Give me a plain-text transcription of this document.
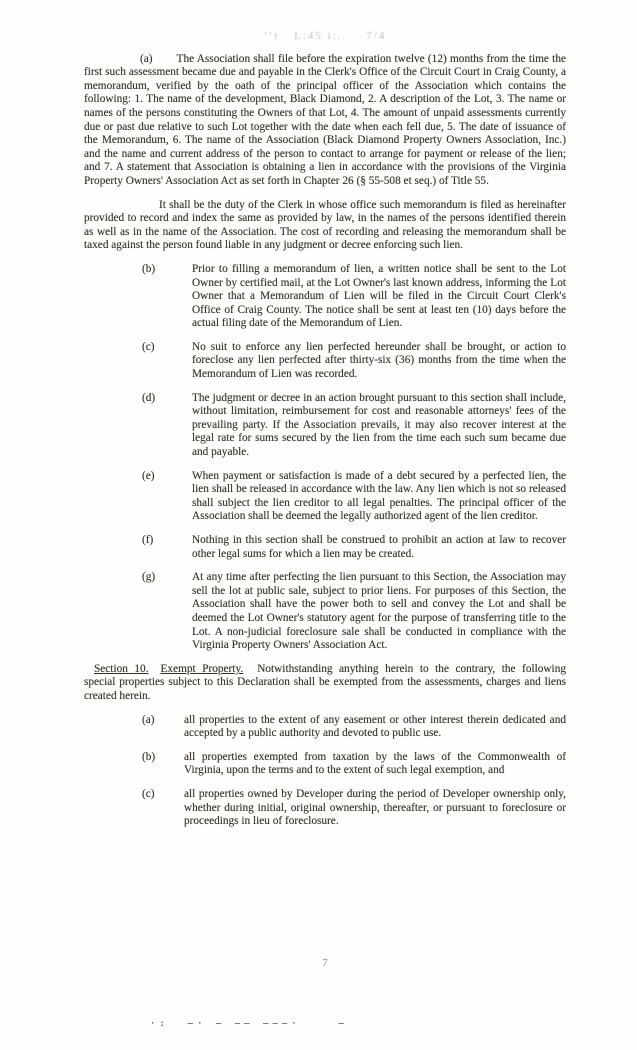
’’r   L:45 i:..    7/4

(a) The Association shall file before the expiration twelve (12) months from the time the first such assessment became due and payable in the Clerk's Office of the Circuit Court in Craig County, a memorandum, verified by the oath of the principal officer of the Association which contains the following: 1. The name of the development, Black Diamond, 2. A description of the Lot, 3. The name or names of the persons constituting the Owners of that Lot, 4. The amount of unpaid assessments currently due or past due relative to such Lot together with the date when each fell due, 5. The date of issuance of the Memorandum, 6. The name of the Association (Black Diamond Property Owners Association, Inc.) and the name and current address of the person to contact to arrange for payment or release of the lien; and 7. A statement that Association is obtaining a lien in accordance with the provisions of the Virginia Property Owners' Association Act as set forth in Chapter 26 (§ 55-508 et seq.) of Title 55.

It shall be the duty of the Clerk in whose office such memorandum is filed as hereinafter provided to record and index the same as provided by law, in the names of the persons identified therein as well as in the name of the Association. The cost of recording and releasing the memorandum shall be taxed against the person found liable in any judgment or decree enforcing such lien.

(b)	Prior to filling a memorandum of lien, a written notice shall be sent to the Lot Owner by certified mail, at the Lot Owner's last known address, informing the Lot Owner that a Memorandum of Lien will be filed in the Circuit Court Clerk's Office of Craig County. The notice shall be sent at least ten (10) days before the actual filing date of the Memorandum of Lien.
(c)	No suit to enforce any lien perfected hereunder shall be brought, or action to foreclose any lien perfected after thirty-six (36) months from the time when the Memorandum of Lien was recorded.
(d)	The judgment or decree in an action brought pursuant to this section shall include, without limitation, reimbursement for cost and reasonable attorneys' fees of the prevailing party. If the Association prevails, it may also recover interest at the legal rate for sums secured by the lien from the time each such sum became due and payable.
(e)	When payment or satisfaction is made of a debt secured by a perfected lien, the lien shall be released in accordance with the law. Any lien which is not so released shall subject the lien creditor to all legal penalties. The principal officer of the Association shall be deemed the legally authorized agent of the lien creditor.
(f)	Nothing in this section shall be construed to prohibit an action at law to recover other legal sums for which a lien may be created.
(g)	At any time after perfecting the lien pursuant to this Section, the Association may sell the lot at public sale, subject to prior liens. For purposes of this Section, the Association shall have the power both to sell and convey the Lot and shall be deemed the Lot Owner's statutory agent for the purpose of transferring title to the Lot. A non-judicial foreclosure sale shall be conducted in compliance with the Virginia Property Owners' Association Act.

Section 10. Exempt Property. Notwithstanding anything herein to the contrary, the following special properties subject to this Declaration shall be exempted from the assessments, charges and liens created herein.

(a)	all properties to the extent of any easement or other interest therein dedicated and accepted by a public authority and devoted to public use.
(b)	all properties exempted from taxation by the laws of the Commonwealth of Virginia, upon the terms and to the extent of such legal exemption, and
(c)	all properties owned by Developer during the period of Developer ownership only, whether during initial, original ownership, thereafter, or pursuant to foreclosure or proceedings in lieu of foreclosure.
7
·:  –· – –– –—–·    –
